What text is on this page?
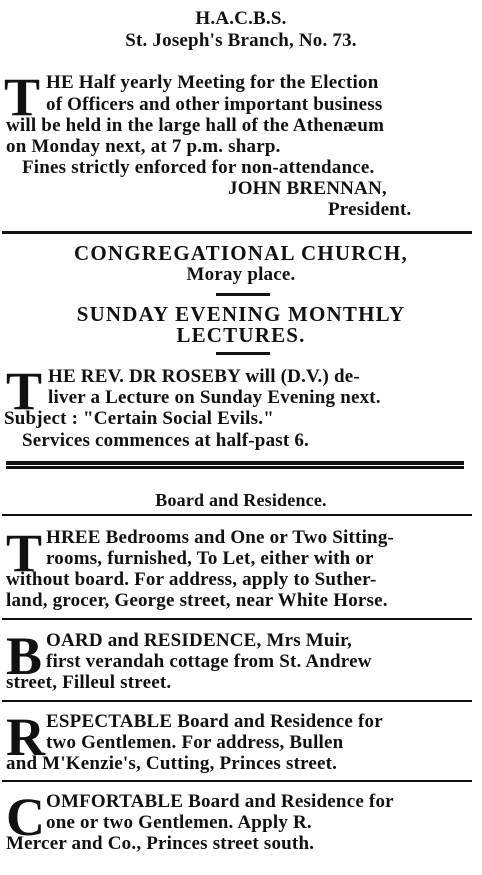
H.A.C.B.S.
St. Joseph's Branch, No. 73.
T HE Half yearly Meeting for the Election
of Officers and other important business
will be held in the large hall of the Athenæum
on Monday next, at 7 p.m. sharp.
Fines strictly enforced for non-attendance.
JOHN BRENNAN,
President.
CONGREGATIONAL CHURCH,
Moray place.
SUNDAY EVENING MONTHLY
LECTURES.
T HE REV. DR ROSEBY will (D.V.) de-
liver a Lecture on Sunday Evening next.
Subject : "Certain Social Evils."
Services commences at half-past 6.
Board and Residence.
T HREE Bedrooms and One or Two Sitting-
rooms, furnished, To Let, either with or
without board. For address, apply to Suther-
land, grocer, George street, near White Horse.
B OARD and RESIDENCE, Mrs Muir,
first verandah cottage from St. Andrew
street, Filleul street.
R ESPECTABLE Board and Residence for
two Gentlemen. For address, Bullen
and M'Kenzie's, Cutting, Princes street.
C OMFORTABLE Board and Residence for
one or two Gentlemen. Apply R.
Mercer and Co., Princes street south.
